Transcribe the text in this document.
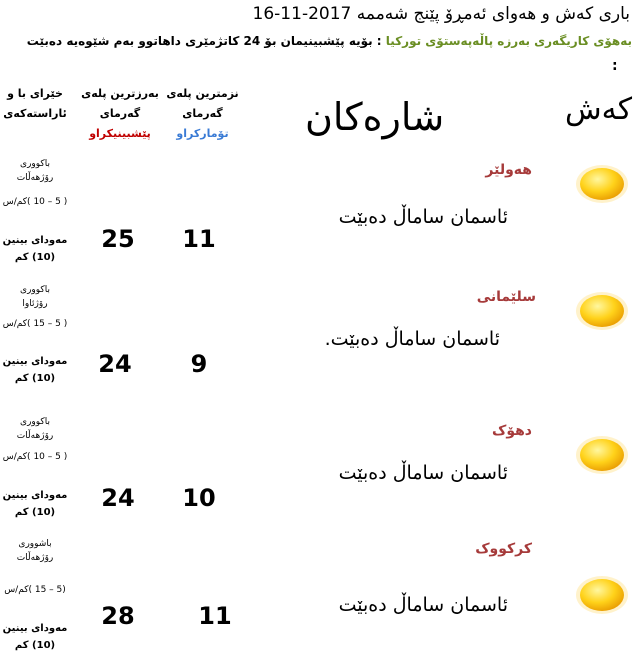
باری کەش و هەوای ئەمڕۆ پێنج شەممە 2017-11-16
بەهۆی کاریگەری بەرزە پاڵەپەستۆی تورکیا : بۆیە پێشبینیمان بۆ 24 کاتژمێری داهاتوو بەم شێوەیە دەبێت
:
خێرای با و
ئاراستەکەی
بەرزترین پلەی
گەرمای
پێشبینیکراو
نزمترین پلەی
گەرمای
تۆمارکراو
کەش
شارەکان
هەولێر
ئاسمان ساماڵ دەبێت
11
25
باکووری
رۆژهەڵات
( 5 – 10 )کم/س
مەودای بینین
(10) کم
سلێمانی
ئاسمان ساماڵ دەبێت.
9
24
باکووری
رۆژئاوا
( 5 – 15 )کم/س
مەودای بینین
(10) کم
دهۆک
ئاسمان ساماڵ دەبێت
10
24
باکووری
رۆژهەڵات
( 5 – 10 )کم/س
مەودای بینین
(10) کم
کرکووک
ئاسمان ساماڵ دەبێت
11
28
باشووری
رۆژهەڵات
(5 – 15 )کم/س
مەودای بینین
(10) کم
